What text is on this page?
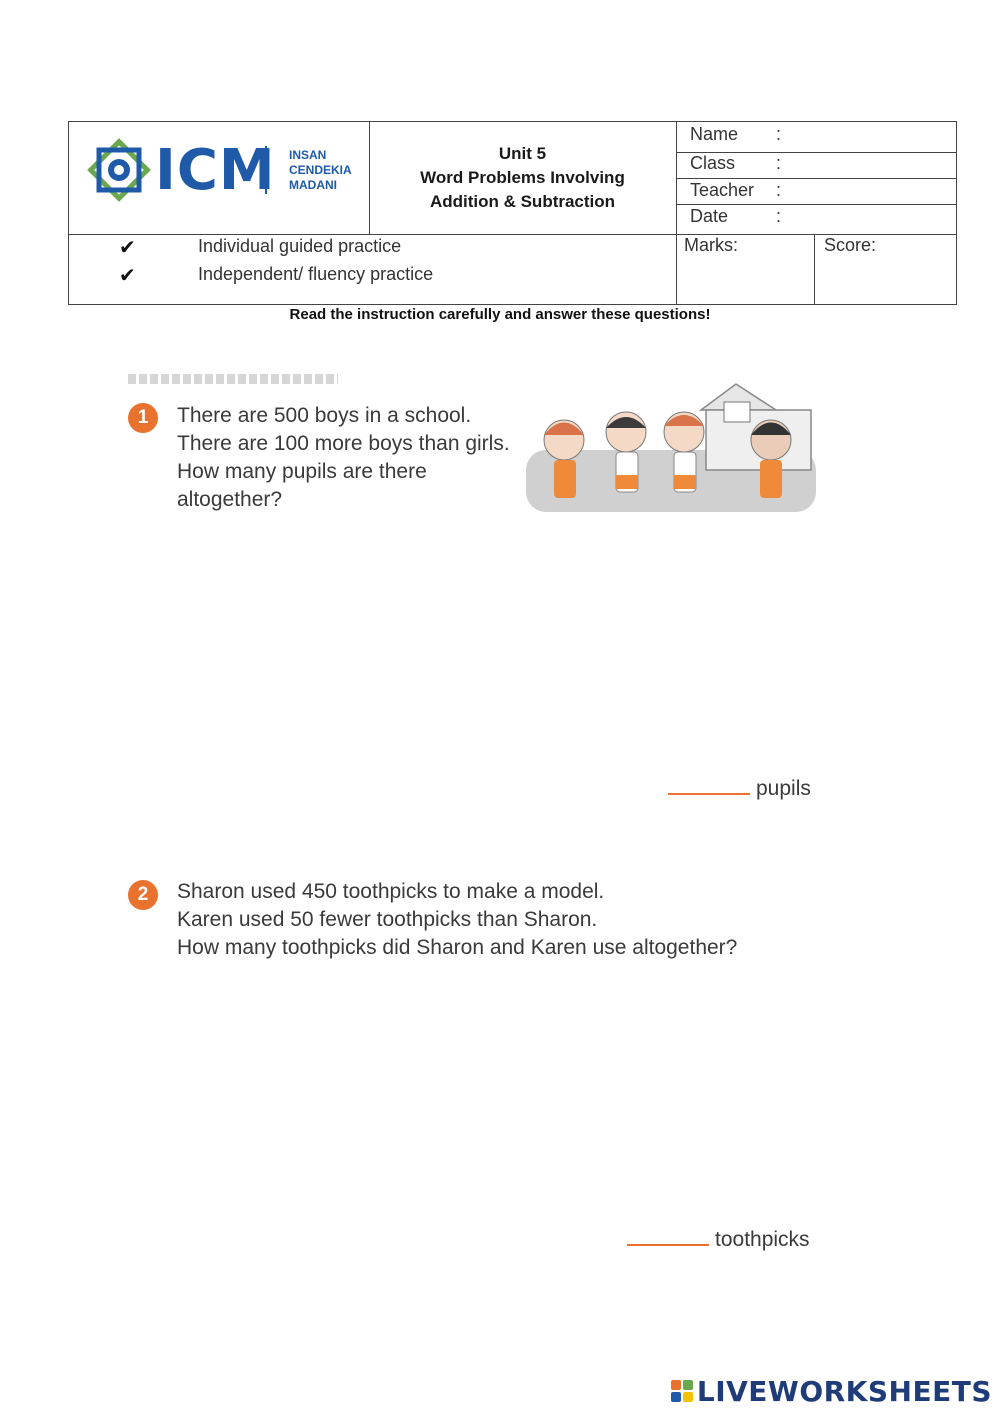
ICM INSAN
CENDEKIA
MADANI
Unit 5
Word Problems Involving
Addition & Subtraction
Name :
Class :
Teacher :
Date	:
✔	Individual guided practice
✔	Independent/ fluency practice
Marks:	Score:
Read the instruction carefully and answer these questions!
1	There are 500 boys in a school.
There are 100 more boys than girls.
How many pupils are there
altogether?
pupils
2	Sharon used 450 toothpicks to make a model.
Karen used 50 fewer toothpicks than Sharon.
How many toothpicks did Sharon and Karen use altogether?
toothpicks
LIVEWORKSHEETS
